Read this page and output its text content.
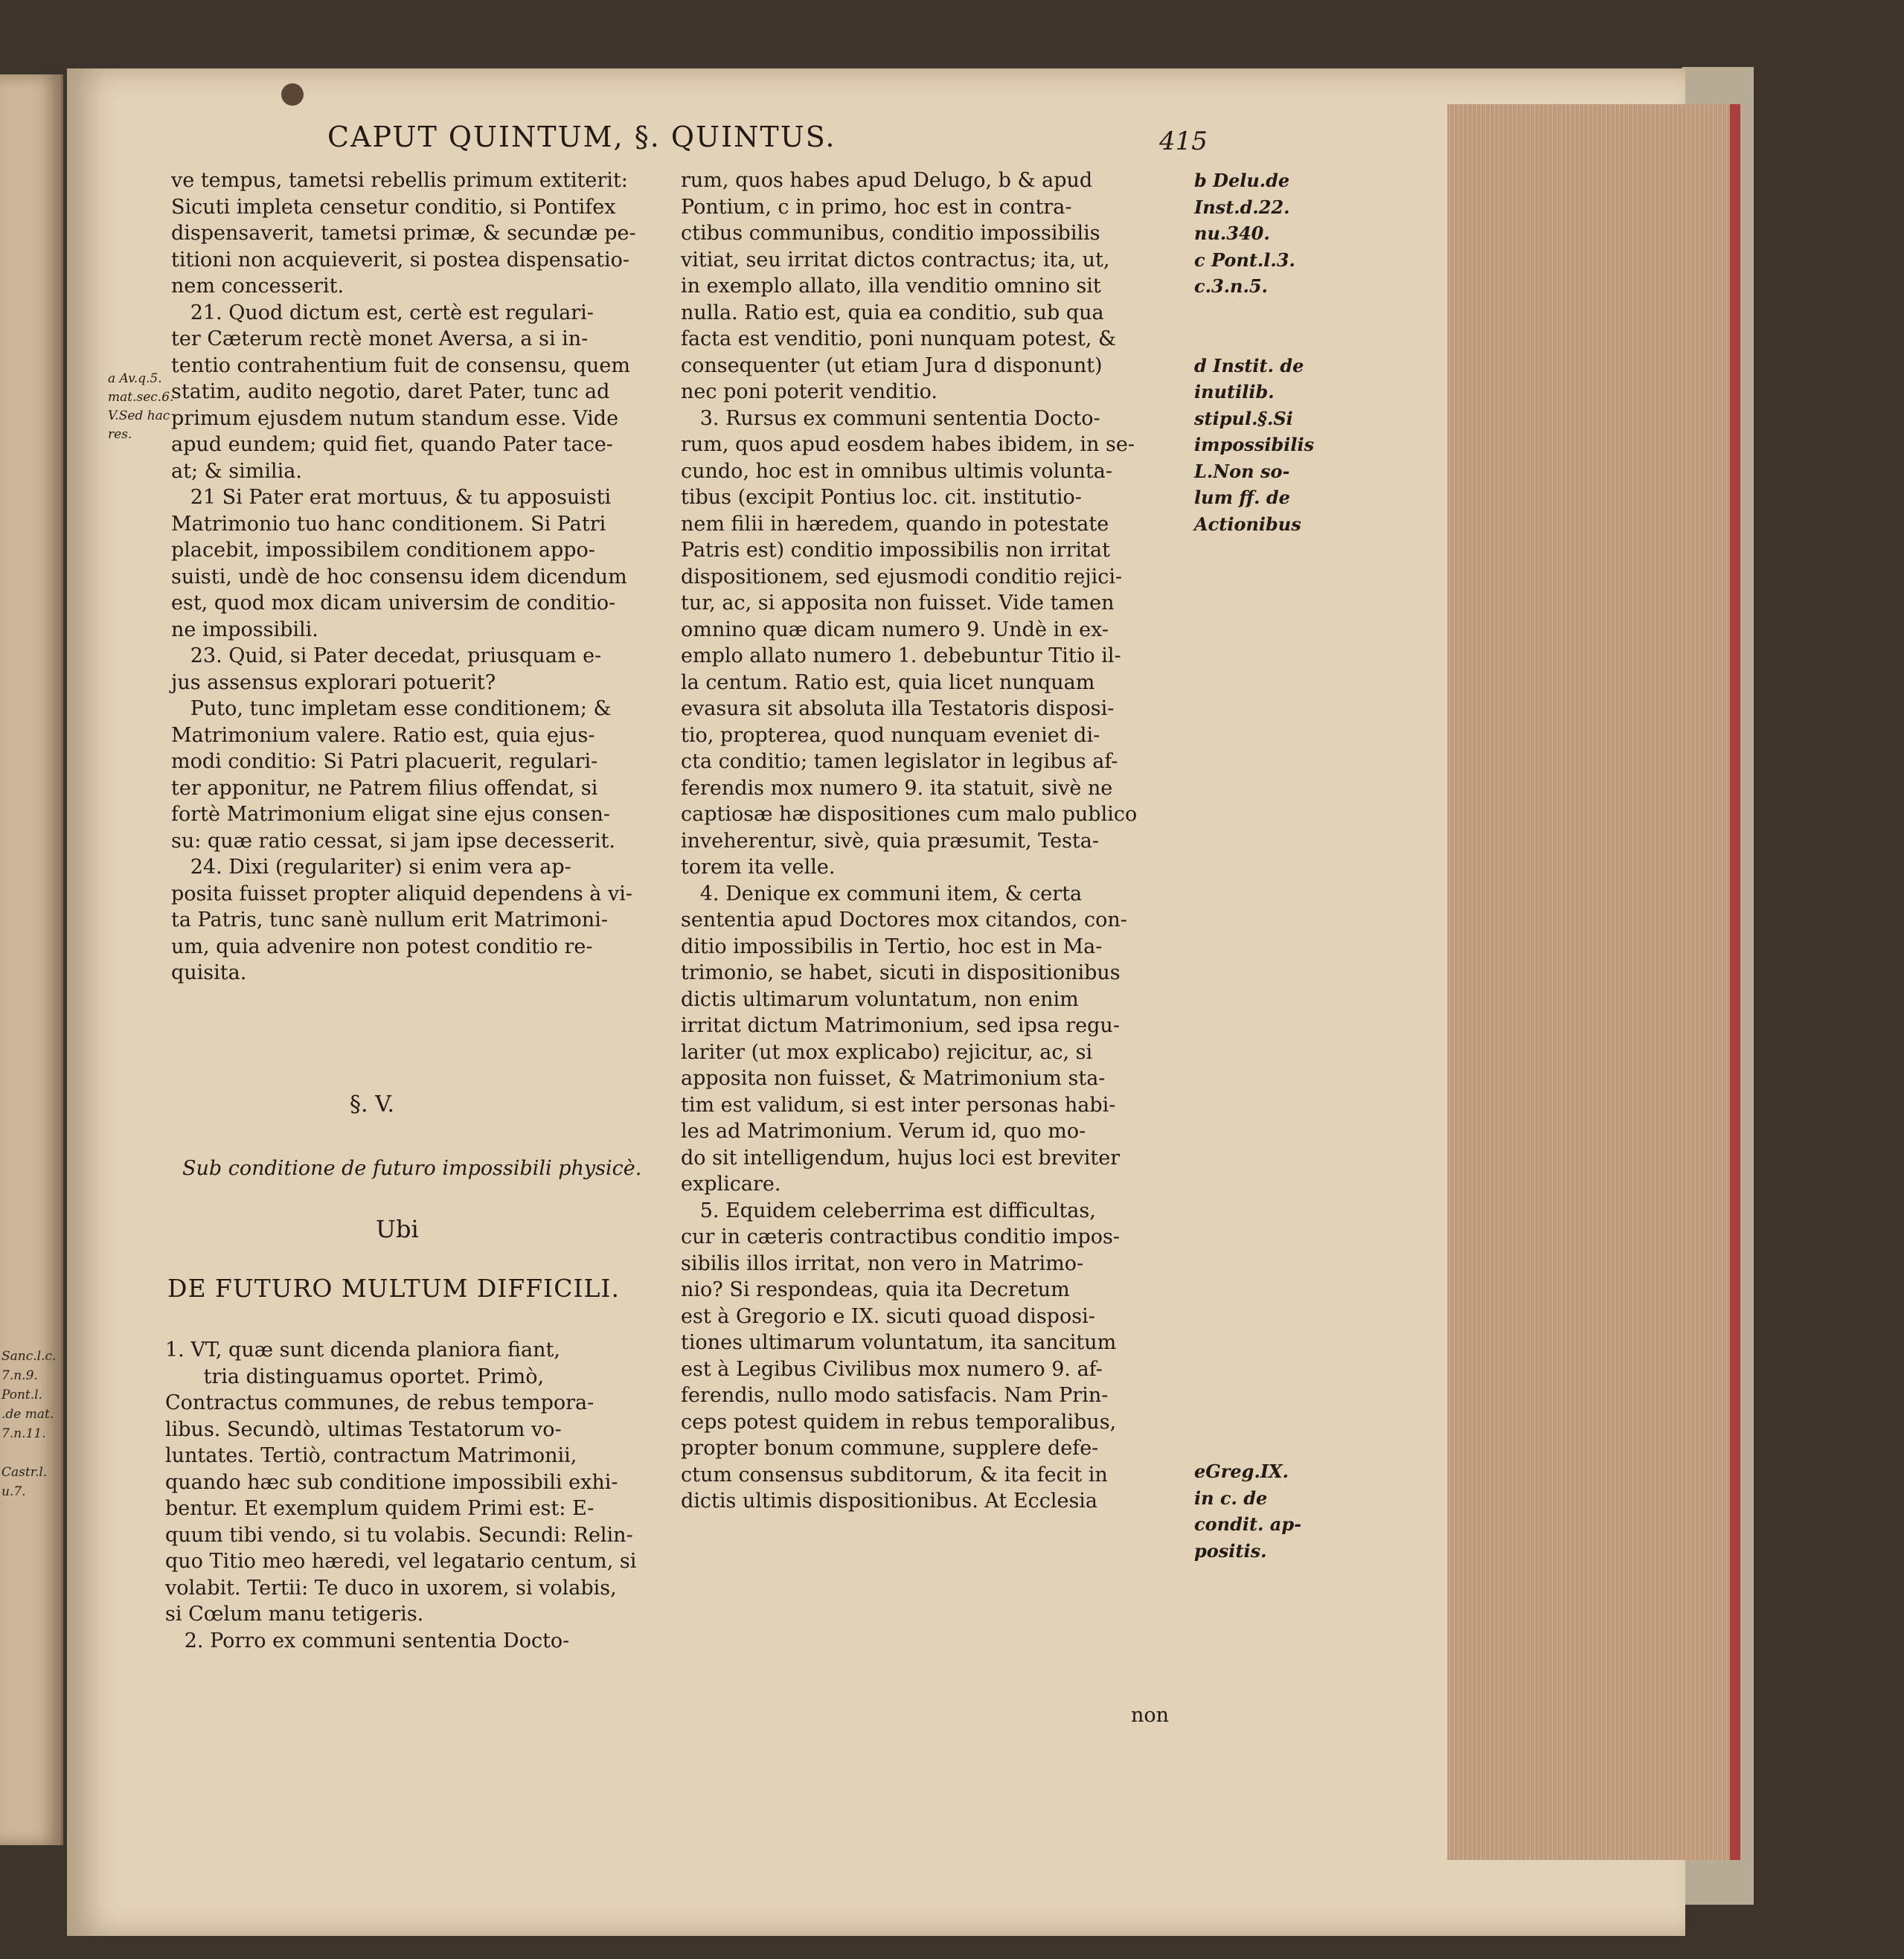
Sanc.l.c.
7.n.9.
Pont.l.
.de mat.
7.n.11.

Castr.l.
u.7.
CAPUT QUINTUM, §. QUINTUS.	415
a Av.q.5.
mat.sec.6.
V.Sed hac
res.

ve tempus, tametsi rebellis primum extiterit:

Sicuti impleta censetur conditio, si Pontifex

dispensaverit, tametsi primæ, & secundæ pe-

titioni non acquieverit, si postea dispensatio-

nem concesserit.

21. Quod dictum est, certè est regulari-

ter Cæterum rectè monet Aversa, a si in-

tentio contrahentium fuit de consensu, quem

statim, audito negotio, daret Pater, tunc ad

primum ejusdem nutum standum esse. Vide

apud eundem; quid fiet, quando Pater tace-

at; & similia.

21 Si Pater erat mortuus, & tu apposuisti

Matrimonio tuo hanc conditionem. Si Patri

placebit, impossibilem conditionem appo-

suisti, undè de hoc consensu idem dicendum

est, quod mox dicam universim de conditio-

ne impossibili.

23. Quid, si Pater decedat, priusquam e-

jus assensus explorari potuerit?

Puto, tunc impletam esse conditionem; &

Matrimonium valere. Ratio est, quia ejus-

modi conditio: Si Patri placuerit, regulari-

ter apponitur, ne Patrem filius offendat, si

fortè Matrimonium eligat sine ejus consen-

su: quæ ratio cessat, si jam ipse decesserit.

24. Dixi (regulariter) si enim vera ap-

posita fuisset propter aliquid dependens à vi-

ta Patris, tunc sanè nullum erit Matrimoni-

um, quia advenire non potest conditio re-

quisita.

§. V.
Sub conditione de futuro impossibili physicè.
Ubi
DE FUTURO MULTUM DIFFICILI.

1. VT, quæ sunt dicenda planiora fiant,

tria distinguamus oportet. Primò,

Contractus communes, de rebus tempora-

libus. Secundò, ultimas Testatorum vo-

luntates. Tertiò, contractum Matrimonii,

quando hæc sub conditione impossibili exhi-

bentur. Et exemplum quidem Primi est: E-

quum tibi vendo, si tu volabis. Secundi: Relin-

quo Titio meo hæredi, vel legatario centum, si

volabit. Tertii: Te duco in uxorem, si volabis,

si Cœlum manu tetigeris.

2. Porro ex communi sententia Docto-

rum, quos habes apud Delugo, b & apud

Pontium, c in primo, hoc est in contra-

ctibus communibus, conditio impossibilis

vitiat, seu irritat dictos contractus; ita, ut,

in exemplo allato, illa venditio omnino sit

nulla. Ratio est, quia ea conditio, sub qua

facta est venditio, poni nunquam potest, &

consequenter (ut etiam Jura d disponunt)

nec poni poterit venditio.

3. Rursus ex communi sententia Docto-

rum, quos apud eosdem habes ibidem, in se-

cundo, hoc est in omnibus ultimis volunta-

tibus (excipit Pontius loc. cit. institutio-

nem filii in hæredem, quando in potestate

Patris est) conditio impossibilis non irritat

dispositionem, sed ejusmodi conditio rejici-

tur, ac, si apposita non fuisset. Vide tamen

omnino quæ dicam numero 9. Undè in ex-

emplo allato numero 1. debebuntur Titio il-

la centum. Ratio est, quia licet nunquam

evasura sit absoluta illa Testatoris disposi-

tio, propterea, quod nunquam eveniet di-

cta conditio; tamen legislator in legibus af-

ferendis mox numero 9. ita statuit, sivè ne

captiosæ hæ dispositiones cum malo publico

inveherentur, sivè, quia præsumit, Testa-

torem ita velle.

4. Denique ex communi item, & certa

sententia apud Doctores mox citandos, con-

ditio impossibilis in Tertio, hoc est in Ma-

trimonio, se habet, sicuti in dispositionibus

dictis ultimarum voluntatum, non enim

irritat dictum Matrimonium, sed ipsa regu-

lariter (ut mox explicabo) rejicitur, ac, si

apposita non fuisset, & Matrimonium sta-

tim est validum, si est inter personas habi-

les ad Matrimonium. Verum id, quo mo-

do sit intelligendum, hujus loci est breviter

explicare.

5. Equidem celeberrima est difficultas,

cur in cæteris contractibus conditio impos-

sibilis illos irritat, non vero in Matrimo-

nio? Si respondeas, quia ita Decretum

est à Gregorio e IX. sicuti quoad disposi-

tiones ultimarum voluntatum, ita sancitum

est à Legibus Civilibus mox numero 9. af-

ferendis, nullo modo satisfacis. Nam Prin-

ceps potest quidem in rebus temporalibus,

propter bonum commune, supplere defe-

ctum consensus subditorum, & ita fecit in

dictis ultimis dispositionibus. At Ecclesia

b Delu.de
Inst.d.22.
nu.340.
c Pont.l.3.
c.3.n.5.

d Instit. de
inutilib.
stipul.§.Si
impossibilis
L.Non so-
lum ff. de
Actionibus
eGreg.IX.
in c. de
condit. ap-
positis.
non
